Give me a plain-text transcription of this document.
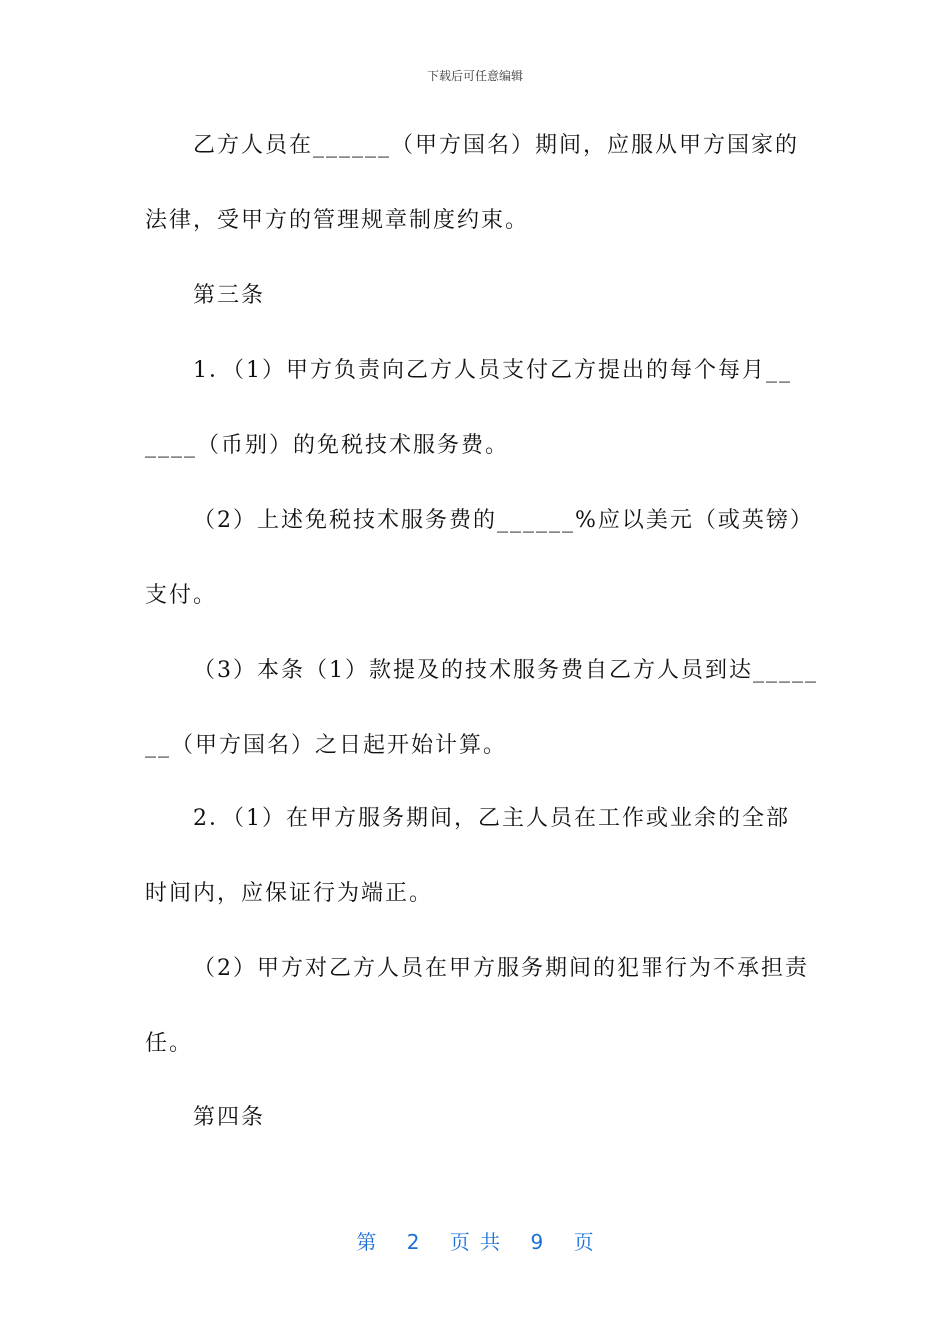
下载后可任意编辑
乙方人员在______（甲方国名）期间，应服从甲方国家的
法律，受甲方的管理规章制度约束。
第三条
1．（1）甲方负责向乙方人员支付乙方提出的每个每月__
____（币别）的免税技术服务费。
（2）上述免税技术服务费的______%应以美元（或英镑）
支付。
（3）本条（1）款提及的技术服务费自乙方人员到达_____
__（甲方国名）之日起开始计算。
2．（1）在甲方服务期间，乙主人员在工作或业余的全部
时间内，应保证行为端正。
（2）甲方对乙方人员在甲方服务期间的犯罪行为不承担责
任。
第四条
第 2 页 共 9 页
